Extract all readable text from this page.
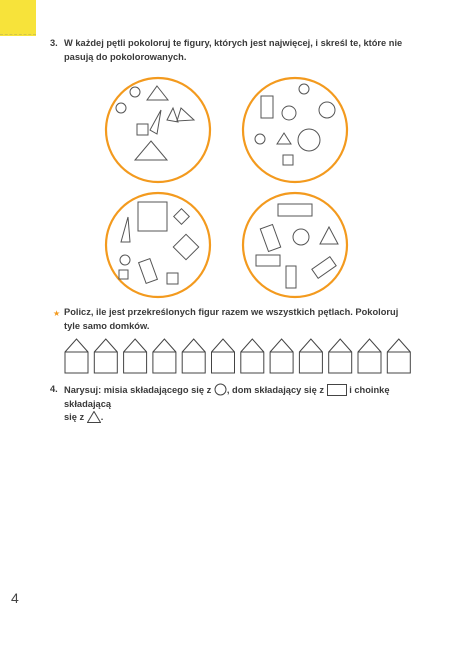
3. W każdej pętli pokoloruj te figury, których jest najwięcej, i skreśl te, które nie pasują do pokolorowanych.
★ Policz, ile jest przekreślonych figur razem we wszystkich pętlach. Pokoloruj tyle samo domków.
4. Narysuj: misia składającego się z , dom składający się z	i choinkę składającą
się z .
4
